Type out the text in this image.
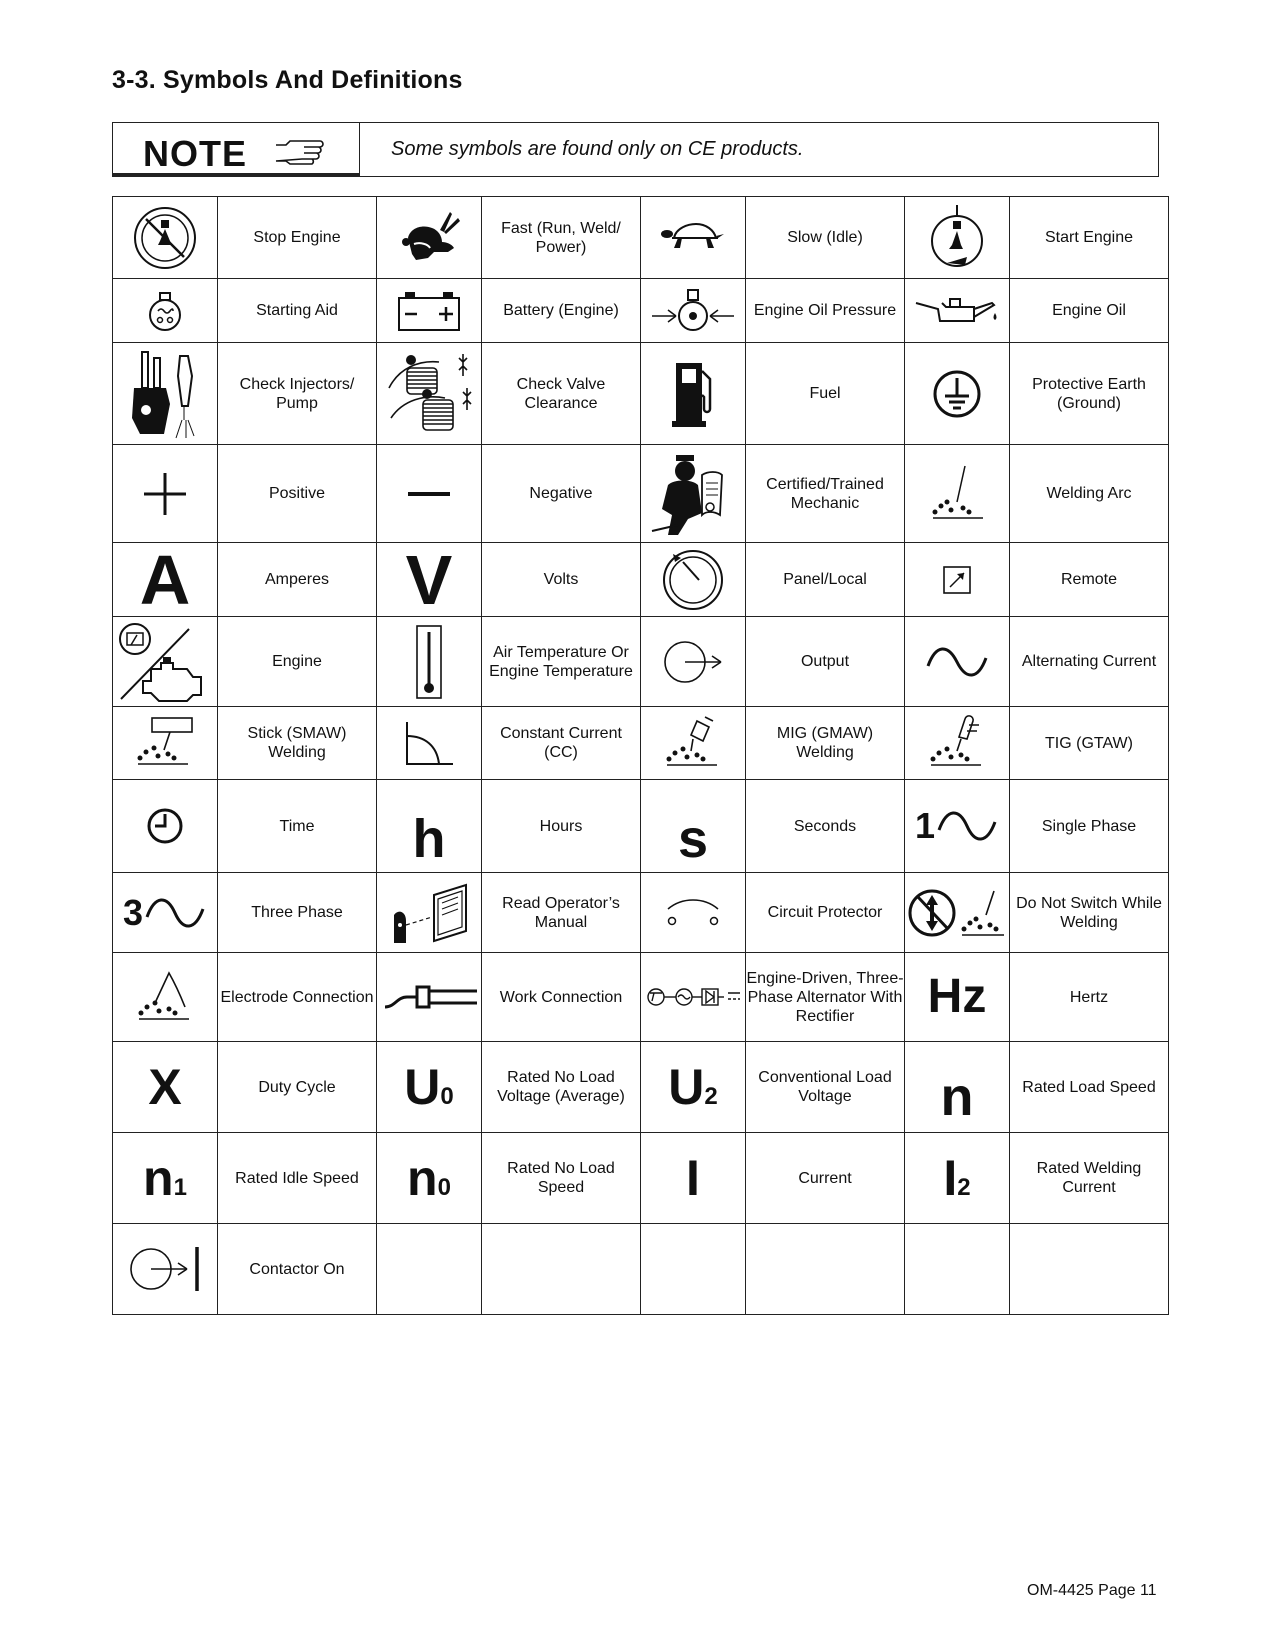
3-3. Symbols And Definitions
NOTE	Some symbols are found only on CE products.
	Stop Engine		Fast (Run, Weld/ Power)		Slow (Idle)		Start Engine

	Starting Aid		Battery (Engine)		Engine Oil Pressure		Engine Oil

	Check Injectors/ Pump		Check Valve Clearance		Fuel		Protective Earth (Ground)

	Positive		Negative		Certified/Trained Mechanic		Welding Arc
A	Amperes	V	Volts		Panel/Local		Remote

	Engine		Air Temperature Or Engine Temperature		Output		Alternating Current

	Stick (SMAW) Welding		Constant Current (CC)		MIG (GMAW) Welding		TIG (GTAW)

	Time	h	Hours	s	Seconds	1	Single Phase

3	Three Phase		Read Operator’s Manual		Circuit Protector		Do Not Switch While Welding

	Electrode Connection		Work Connection		Engine-Driven, Three-Phase Alternator With Rectifier	Hz	Hertz
X	Duty Cycle	U0	Rated No Load Voltage (Average)	U2	Conventional Load Voltage	n	Rated Load Speed
n1	Rated Idle Speed	n0	Rated No Load Speed	I	Current	I2	Rated Welding Current

	Contactor On						
OM-4425 Page 11
